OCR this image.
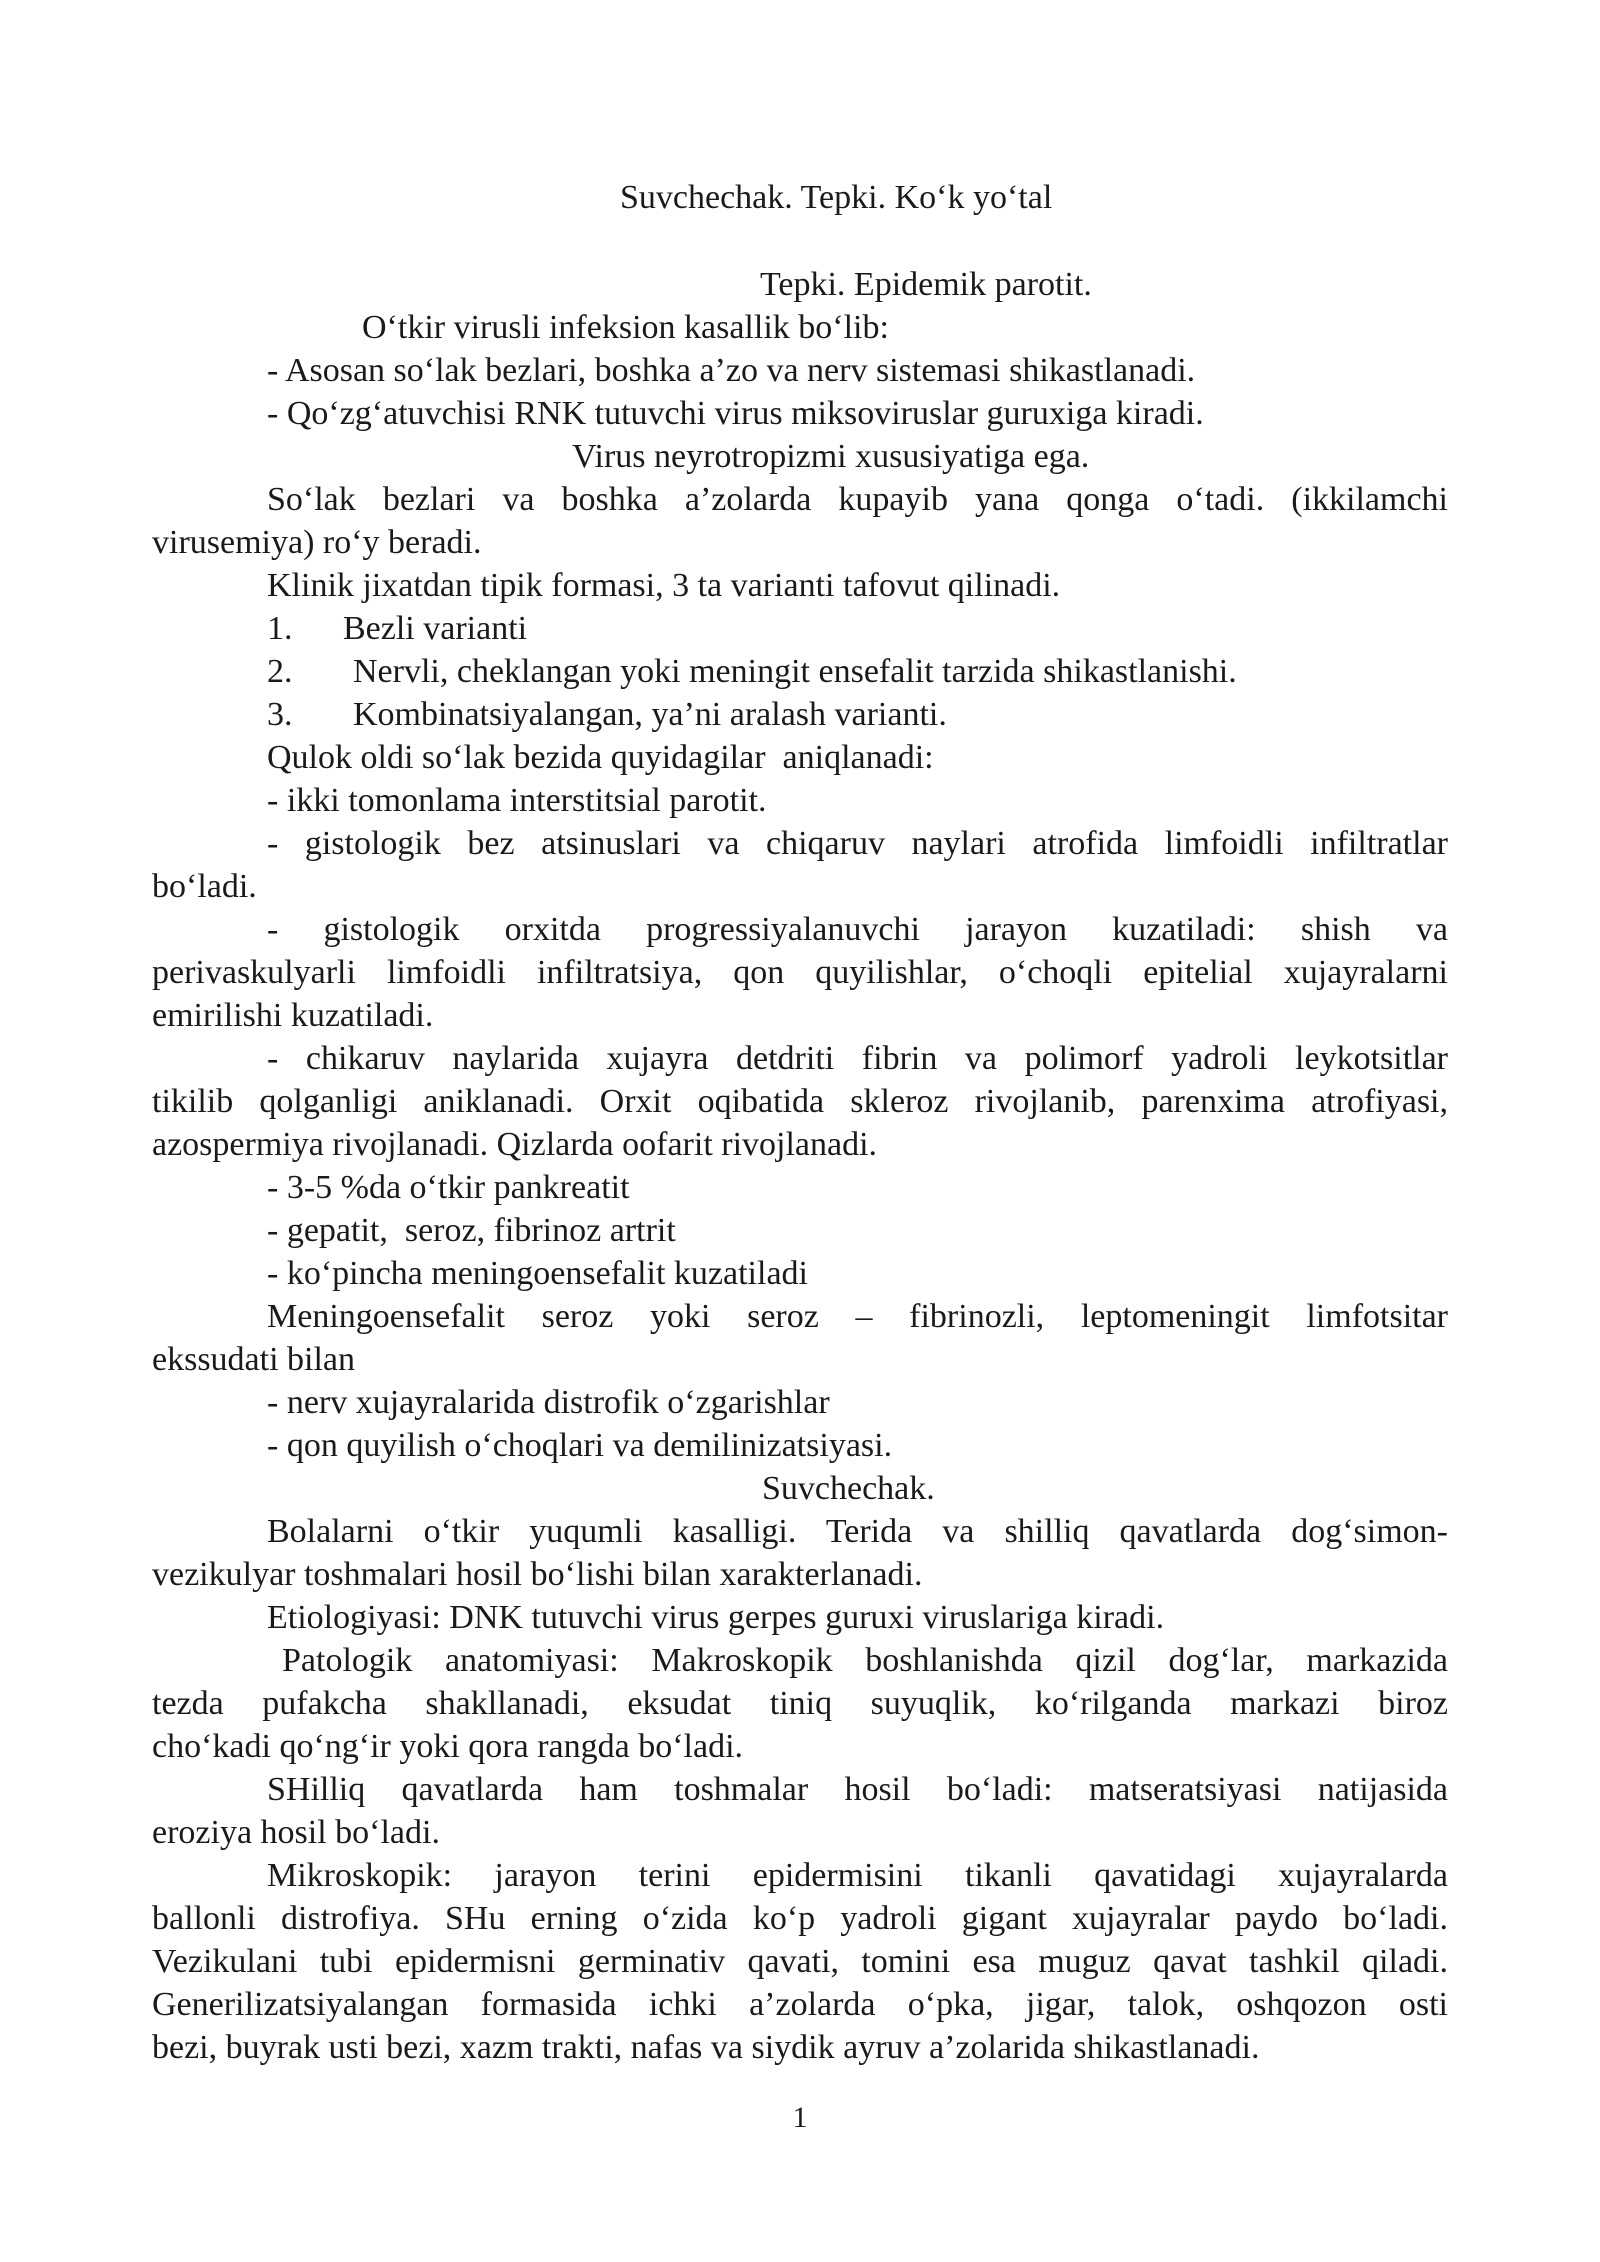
Suvchechak. Tepki. Ko‘k yo‘tal
Tepki. Epidemik parotit.
O‘tkir virusli infeksion kasallik bo‘lib:
- Asosan so‘lak bezlari, boshka a’zo va nerv sistemasi shikastlanadi.
- Qo‘zg‘atuvchisi RNK tutuvchi virus miksoviruslar guruxiga kiradi.
Virus neyrotropizmi xususiyatiga ega.
So‘lak bezlari va boshka a’zolarda kupayib yana qonga o‘tadi. (ikkilamchi
virusemiya) ro‘y beradi.
Klinik jixatdan tipik formasi, 3 ta varianti tafovut qilinadi.
1. Bezli varianti
2. Nervli, cheklangan yoki meningit ensefalit tarzida shikastlanishi.
3. Kombinatsiyalangan, ya’ni aralash varianti.
Qulok oldi so‘lak bezida quyidagilar  aniqlanadi:
- ikki tomonlama interstitsial parotit.
- gistologik bez atsinuslari va chiqaruv naylari atrofida limfoidli infiltratlar
bo‘ladi.
- gistologik orxitda progressiyalanuvchi jarayon kuzatiladi: shish va
perivaskulyarli limfoidli infiltratsiya, qon quyilishlar, o‘choqli epitelial xujayralarni
emirilishi kuzatiladi.
- chikaruv naylarida xujayra detdriti fibrin va polimorf yadroli leykotsitlar
tikilib qolganligi aniklanadi. Orxit oqibatida skleroz rivojlanib, parenxima atrofiyasi,
azospermiya rivojlanadi. Qizlarda oofarit rivojlanadi.
- 3-5 %da o‘tkir pankreatit
- gepatit,  seroz, fibrinoz artrit
- ko‘pincha meningoensefalit kuzatiladi
Meningoensefalit seroz yoki seroz – fibrinozli, leptomeningit limfotsitar
ekssudati bilan
- nerv xujayralarida distrofik o‘zgarishlar
- qon quyilish o‘choqlari va demilinizatsiyasi.
Suvchechak.
Bolalarni o‘tkir yuqumli kasalligi. Terida va shilliq qavatlarda dog‘simon-
vezikulyar toshmalari hosil bo‘lishi bilan xarakterlanadi.
Etiologiyasi: DNK tutuvchi virus gerpes guruxi viruslariga kiradi.
Patologik anatomiyasi: Makroskopik boshlanishda qizil dog‘lar, markazida
tezda pufakcha shakllanadi, eksudat tiniq suyuqlik, ko‘rilganda markazi biroz
cho‘kadi qo‘ng‘ir yoki qora rangda bo‘ladi.
SHilliq qavatlarda ham toshmalar hosil bo‘ladi: matseratsiyasi natijasida
eroziya hosil bo‘ladi.
Mikroskopik: jarayon terini epidermisini tikanli qavatidagi xujayralarda
ballonli distrofiya. SHu erning o‘zida ko‘p yadroli gigant xujayralar paydo bo‘ladi.
Vezikulani tubi epidermisni germinativ qavati, tomini esa muguz qavat tashkil qiladi.
Generilizatsiyalangan formasida ichki a’zolarda o‘pka, jigar, talok, oshqozon osti
bezi, buyrak usti bezi, xazm trakti, nafas va siydik ayruv a’zolarida shikastlanadi.
1
